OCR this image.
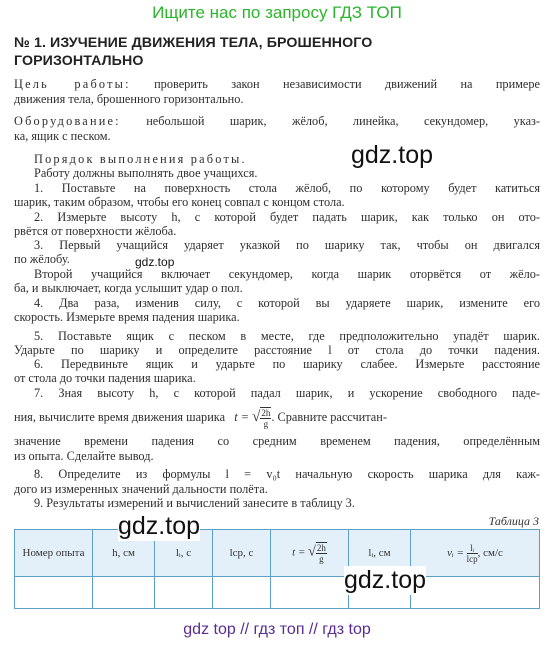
Ищите нас по запросу ГДЗ ТОП
№ 1. ИЗУЧЕНИЕ ДВИЖЕНИЯ ТЕЛА, БРОШЕННОГО
ГОРИЗОНТАЛЬНО
Цель работы: проверить закон независимости движений на примере
движения тела, брошенного горизонтально.
Оборудование: небольшой шарик, жёлоб, линейка, секундомер, указ-
ка, ящик с песком.
Порядок выполнения работы.
Работу должны выполнять двое учащихся.
1. Поставьте на поверхность стола жёлоб, по которому будет катиться
шарик, таким образом, чтобы его конец совпал с концом стола.
2. Измерьте высоту h, с которой будет падать шарик, как только он ото-
рвётся от поверхности жёлоба.
3. Первый учащийся ударяет указкой по шарику так, чтобы он двигался
по жёлобу.
Второй учащийся включает секундомер, когда шарик оторвётся от жёло-
ба, и выключает, когда услышит удар о пол.
4. Два раза, изменив силу, с которой вы ударяете шарик, измените его
скорость. Измерьте время падения шарика.
5. Поставьте ящик с песком в месте, где предположительно упадёт шарик.
Ударьте по шарику и определите расстояние l от стола до точки падения.
6. Передвиньте ящик и ударьте по шарику слабее. Измерьте расстояние
от стола до точки падения шарика.
7. Зная высоту h, с которой падал шарик, и ускорение свободного паде-
ния, вычислите время движения шарика t = √ $\frac{2h}{g}$ . Сравните рассчитан-
значение времени падения со средним временем падения, определённым
из опыта. Сделайте вывод.
8. Определите из формулы l = v₀t начальную скорость шарика для каж-
дого из измеренных значений дальности полёта.
9. Результаты измерений и вычислений занесите в таблицу 3.
Таблица 3
Номер опыта	h, см	lᵢ, с	lср, с	t = √ $\frac{2h}{g}$	lᵢ, см	vᵢ = $\frac{\text{lᵢ}}{\text{lср}}$ , см/с

gdz.top
gdz.top
gdz.top
gdz.top
gdz top // гдз топ // гдз top
